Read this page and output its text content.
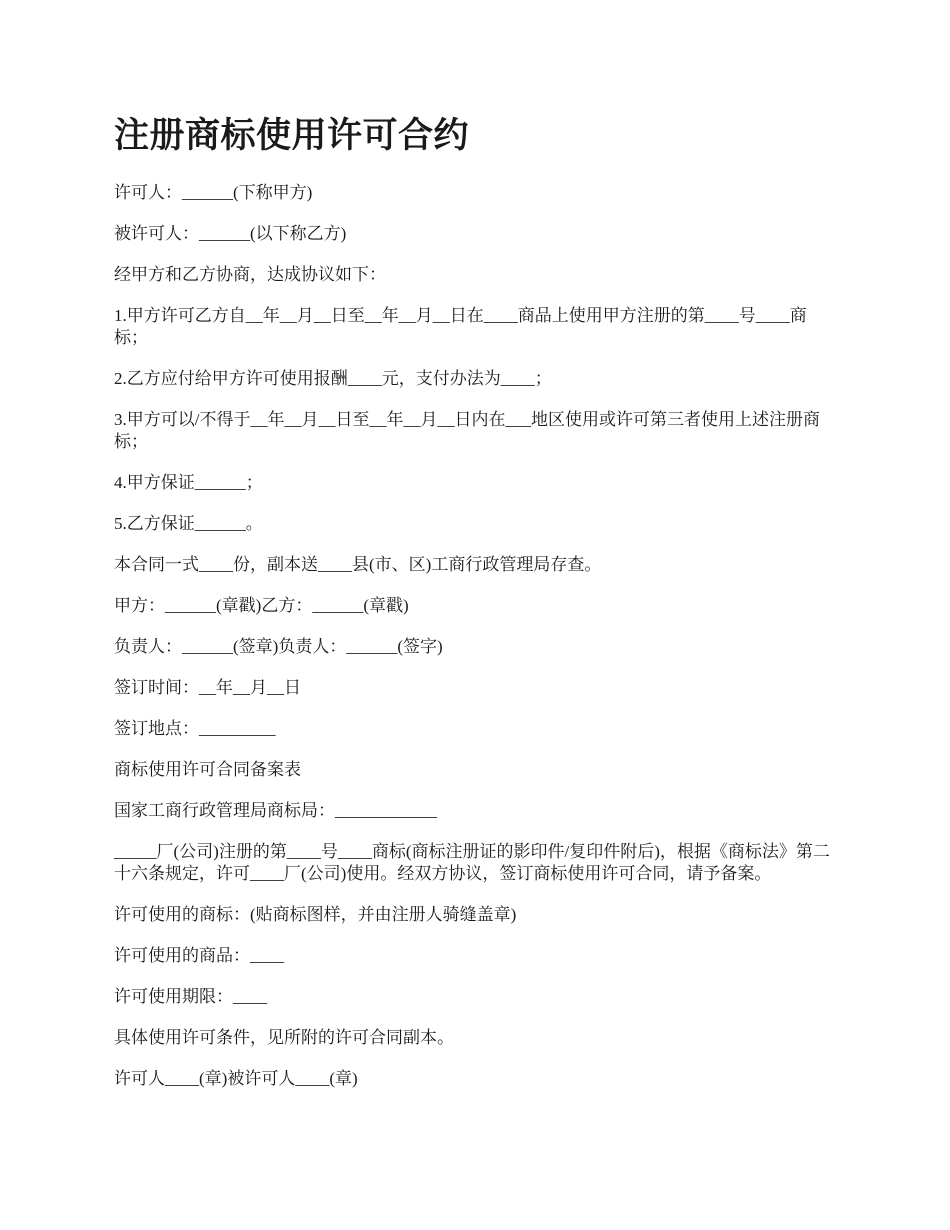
注册商标使用许可合约

许可人：______(下称甲方)

被许可人：______(以下称乙方)

经甲方和乙方协商，达成协议如下：

1.甲方许可乙方自__年__月__日至__年__月__日在____商品上使用甲方注册的第____号____商标；

2.乙方应付给甲方许可使用报酬____元，支付办法为____；

3.甲方可以/不得于__年__月__日至__年__月__日内在___地区使用或许可第三者使用上述注册商标；

4.甲方保证______；

5.乙方保证______。

本合同一式____份，副本送____县(市、区)工商行政管理局存查。

甲方：______(章戳)乙方：______(章戳)

负责人：______(签章)负责人：______(签字)

签订时间：__年__月__日

签订地点：_________

商标使用许可合同备案表

国家工商行政管理局商标局：____________

_____厂(公司)注册的第____号____商标(商标注册证的影印件/复印件附后)，根据《商标法》第二十六条规定，许可____厂(公司)使用。经双方协议，签订商标使用许可合同，请予备案。

许可使用的商标：(贴商标图样，并由注册人骑缝盖章)

许可使用的商品：____

许可使用期限：____

具体使用许可条件，见所附的许可合同副本。

许可人____(章)被许可人____(章)
